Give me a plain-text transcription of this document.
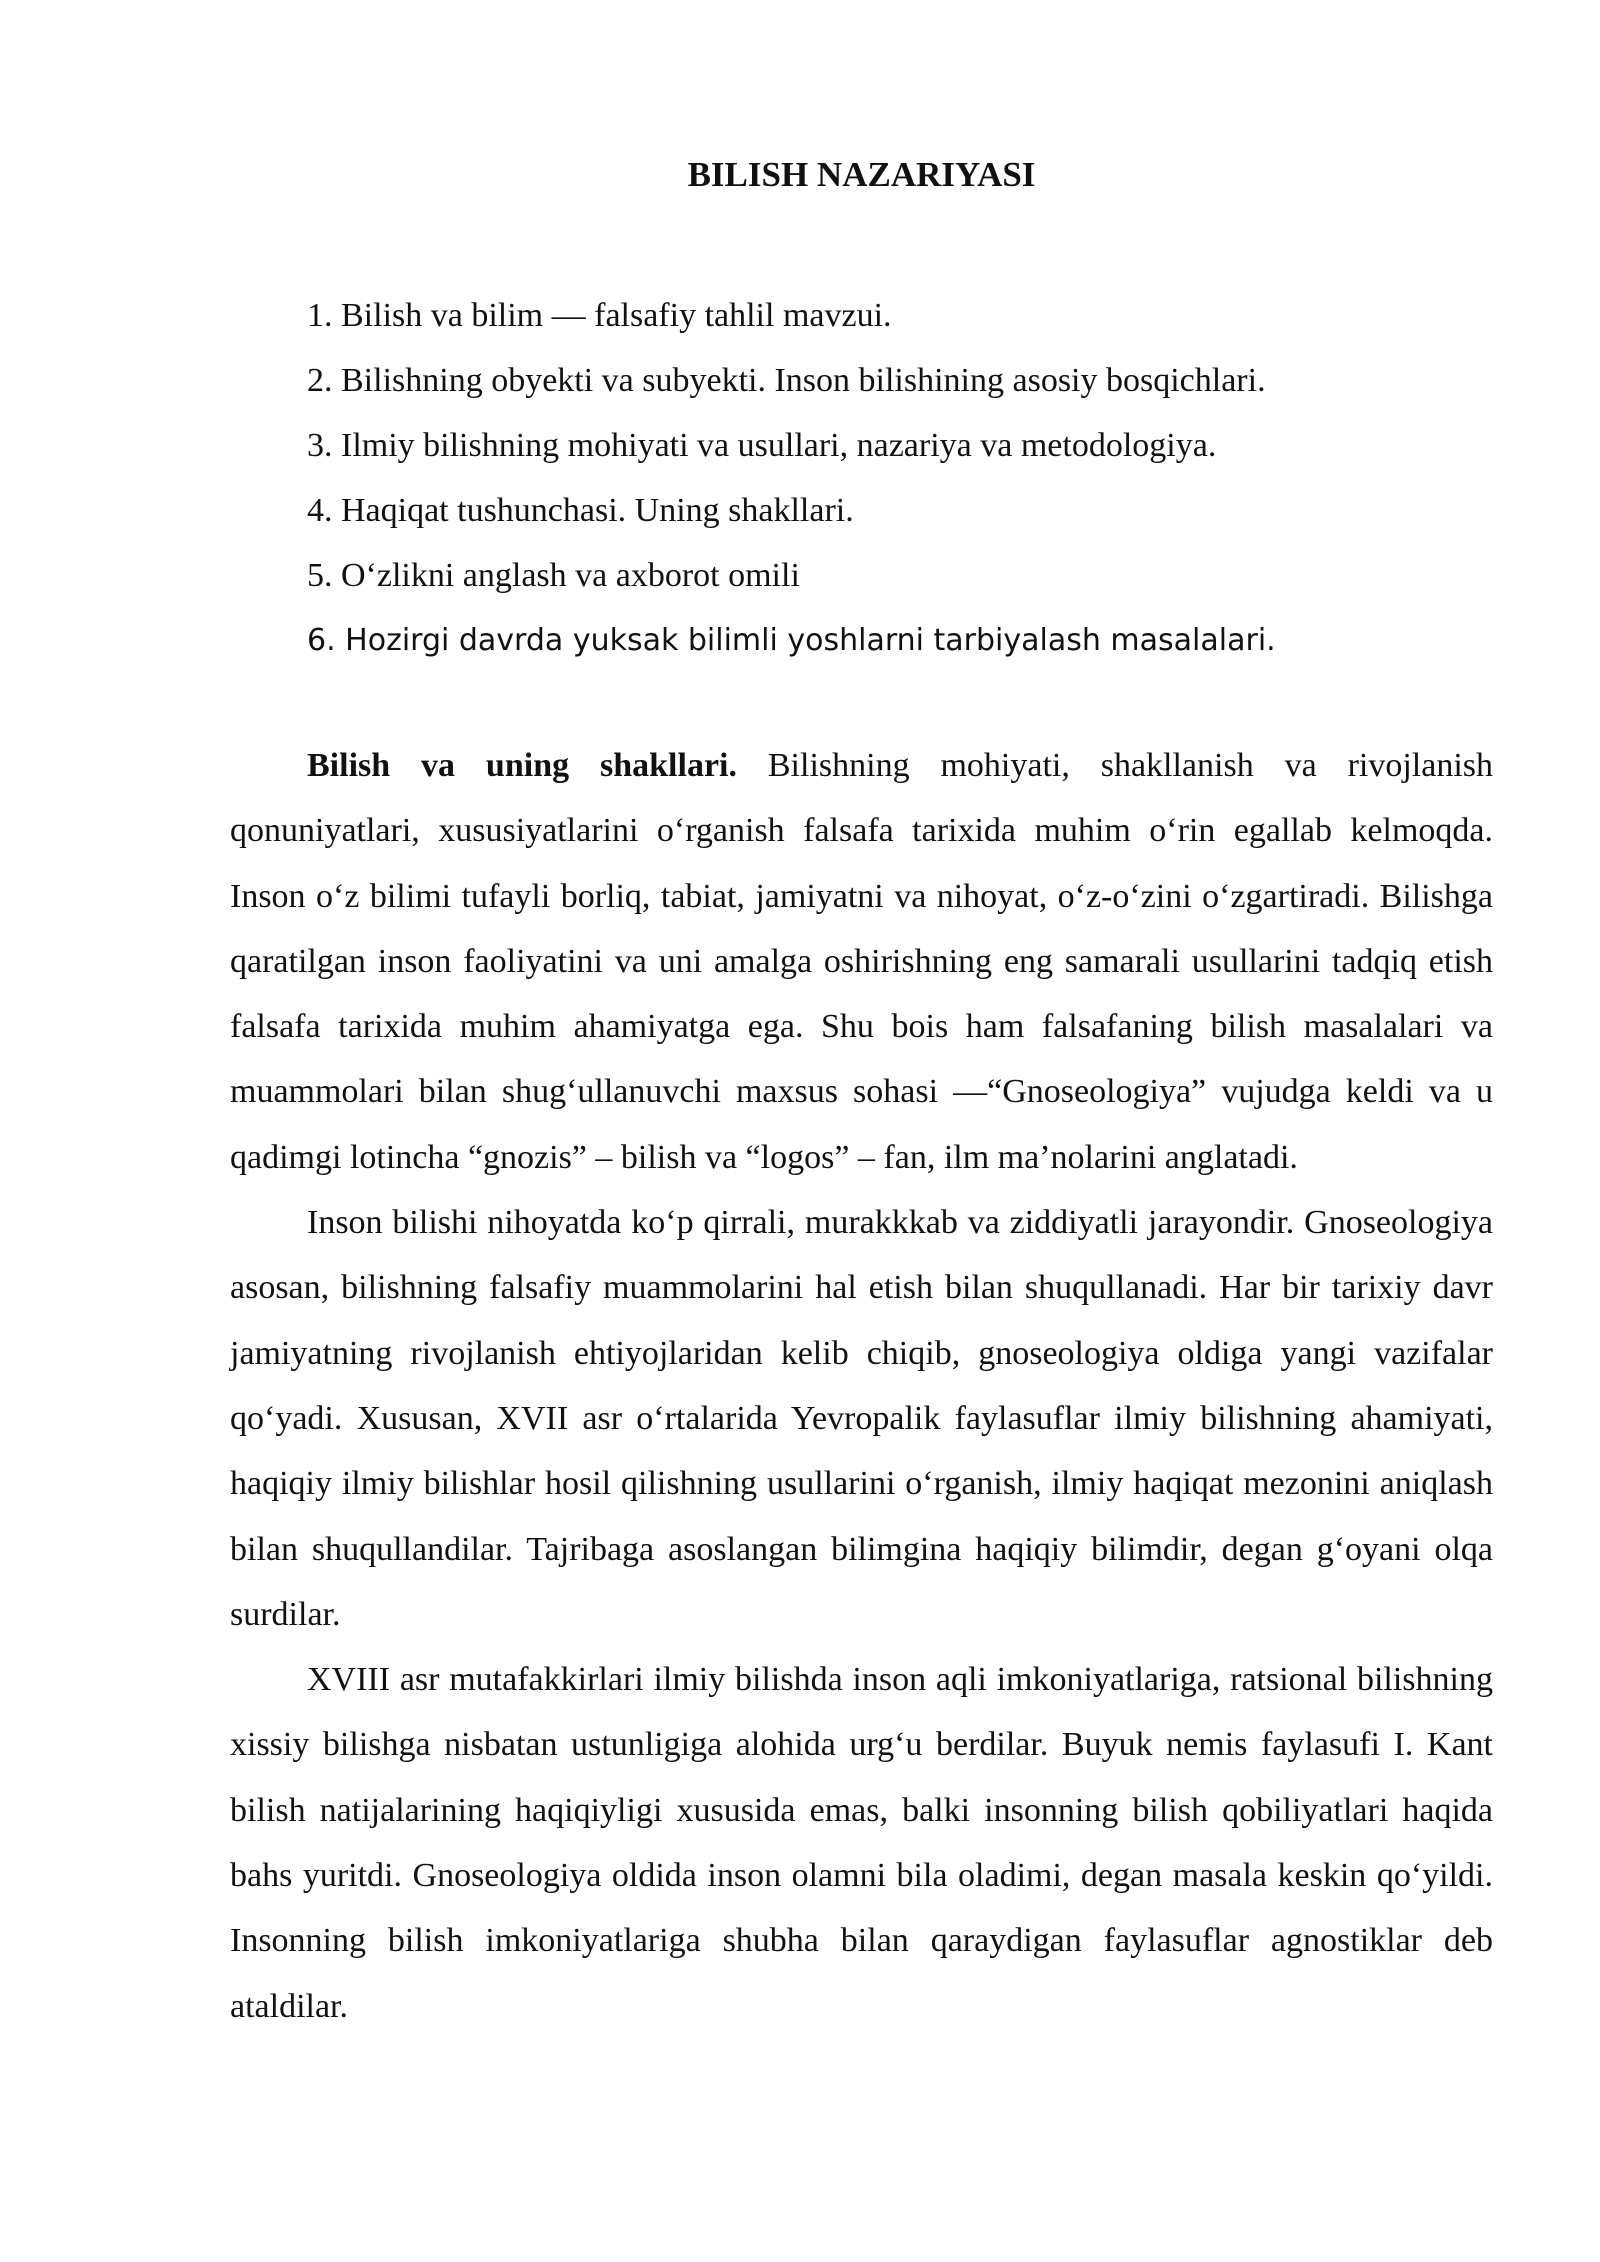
BILISH NAZARIYASI
1. Bilish va bilim — falsafiy tahlil mavzui.
2. Bilishning obyekti va subyekti. Inson bilishining asosiy bosqichlari.
3. Ilmiy bilishning mohiyati va usullari, nazariya va metodologiya.
4. Haqiqat tushunchasi. Uning shakllari.
5. O‘zlikni anglash va axborot omili
6. Hozirgi davrda yuksak bilimli yoshlarni tarbiyalash masalalari.

Bilish va uning shakllari. Bilishning mohiyati, shakllanish va rivojlanish qonuniyatlari, xususiyatlarini o‘rganish falsafa tarixida muhim o‘rin egallab kelmoqda. Inson o‘z bilimi tufayli borliq, tabiat, jamiyatni va nihoyat, o‘z-o‘zini o‘zgartiradi. Bilishga qaratilgan inson faoliyatini va uni amalga oshirishning eng samarali usullarini tadqiq etish falsafa tarixida muhim ahamiyatga ega. Shu bois ham falsafaning bilish masalalari va muammolari bilan shug‘ullanuvchi maxsus sohasi —“Gnoseologiya” vujudga keldi va u qadimgi lotincha “gnozis” – bilish va “logos” – fan, ilm ma’nolarini anglatadi.

Inson bilishi nihoyatda ko‘p qirrali, murakkkab va ziddiyatli jarayondir. Gnoseologiya asosan, bilishning falsafiy muammolarini hal etish bilan shuqullanadi. Har bir tarixiy davr jamiyatning rivojlanish ehtiyojlaridan kelib chiqib, gnoseologiya oldiga yangi vazifalar qo‘yadi. Xususan, XVII asr o‘rtalarida Yevropalik faylasuflar ilmiy bilishning ahamiyati, haqiqiy ilmiy bilishlar hosil qilishning usullarini o‘rganish, ilmiy haqiqat mezonini aniqlash bilan shuqullandilar. Tajribaga asoslangan bilimgina haqiqiy bilimdir, degan g‘oyani olqa surdilar.

XVIII asr mutafakkirlari ilmiy bilishda inson aqli imkoniyatlariga, ratsional bilishning xissiy bilishga nisbatan ustunligiga alohida urg‘u berdilar. Buyuk nemis faylasufi I. Kant bilish natijalarining haqiqiyligi xususida emas, balki insonning bilish qobiliyatlari haqida bahs yuritdi. Gnoseologiya oldida inson olamni bila oladimi, degan masala keskin qo‘yildi. Insonning bilish imkoniyatlariga shubha bilan qaraydigan faylasuflar agnostiklar deb ataldilar.
